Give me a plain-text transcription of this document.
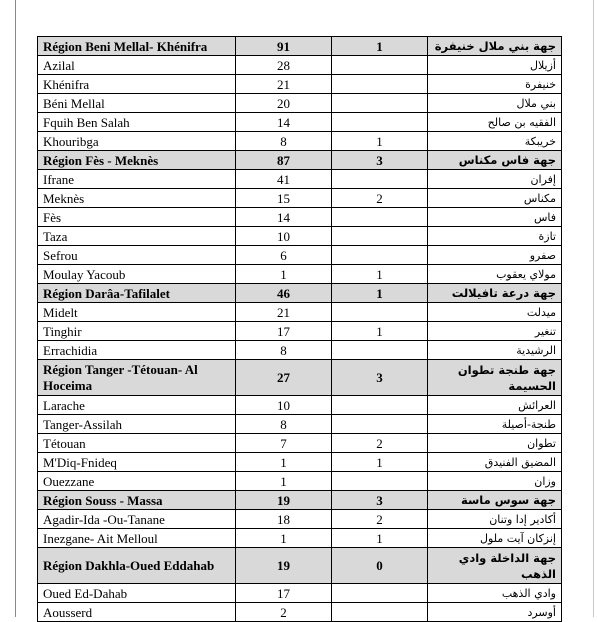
Région Beni Mellal- Khénifra	91	1	جهة بني ملال خنيفرة
Azilal	28		أزيلال
Khénifra	21		خنيفرة
Béni Mellal	20		بني ملال
Fquih Ben Salah	14		الفقيه بن صالح
Khouribga	8	1	خريبكة
Région Fès - Meknès	87	3	جهة فاس مكناس
Ifrane	41		إفران
Meknès	15	2	مكناس
Fès	14		فاس
Taza	10		تازة
Sefrou	6		صفرو
Moulay Yacoub	1	1	مولاي يعقوب
Région Darâa-Tafilalet	46	1	جهة درعة تافيلالت
Midelt	21		ميدلت
Tinghir	17	1	تنغير
Errachidia	8		الرشيدية
Région Tanger -Tétouan- Al Hoceima	27	3	جهة طنجة تطوان الحسيمة
Larache	10		العرائش
Tanger-Assilah	8		طنجة-أصيلة
Tétouan	7	2	تطوان
M'Diq-Fnideq	1	1	المضيق الفنيدق
Ouezzane	1		وزان
Région Souss - Massa	19	3	جهة سوس ماسة
Agadir-Ida -Ou-Tanane	18	2	أكادير إدا وتنان
Inezgane- Ait Melloul	1	1	إنزكان آيت ملول
Région Dakhla-Oued Eddahab	19	0	جهة الداخلة وادي الذهب
Oued Ed-Dahab	17		وادي الذهب
Aousserd	2		أوسرد
